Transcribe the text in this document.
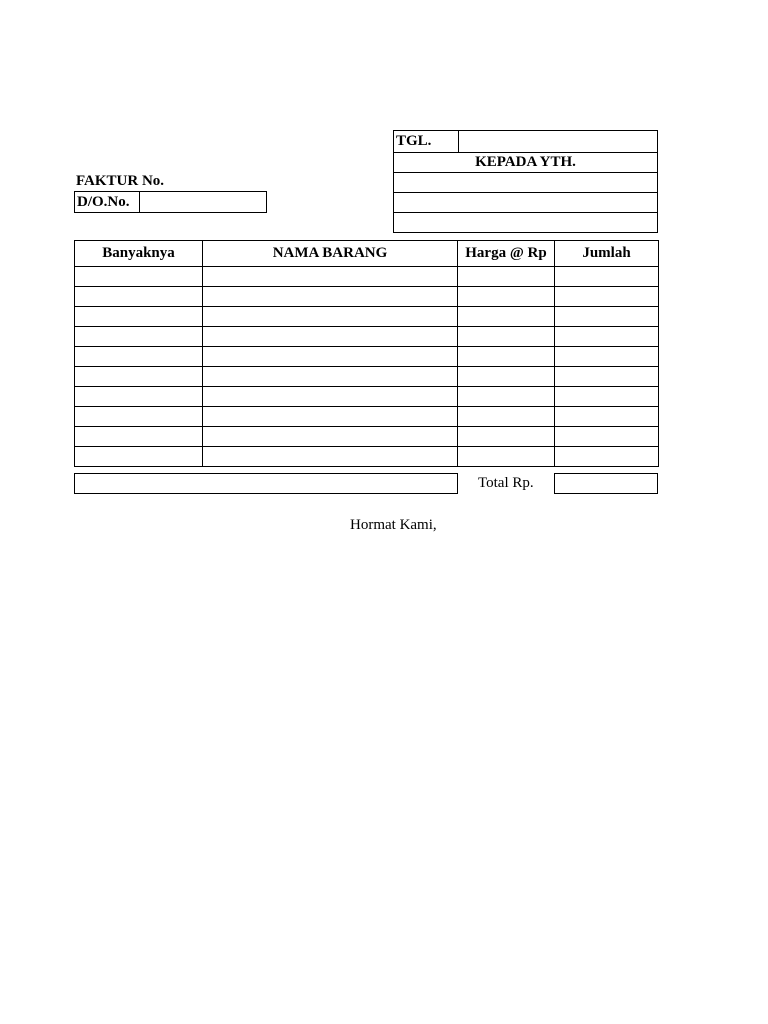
TGL.
KEPADA YTH.
FAKTUR No.
D/O.No.
Banyaknya	NAMA BARANG	Harga @ Rp	Jumlah

Total Rp.
Hormat Kami,
